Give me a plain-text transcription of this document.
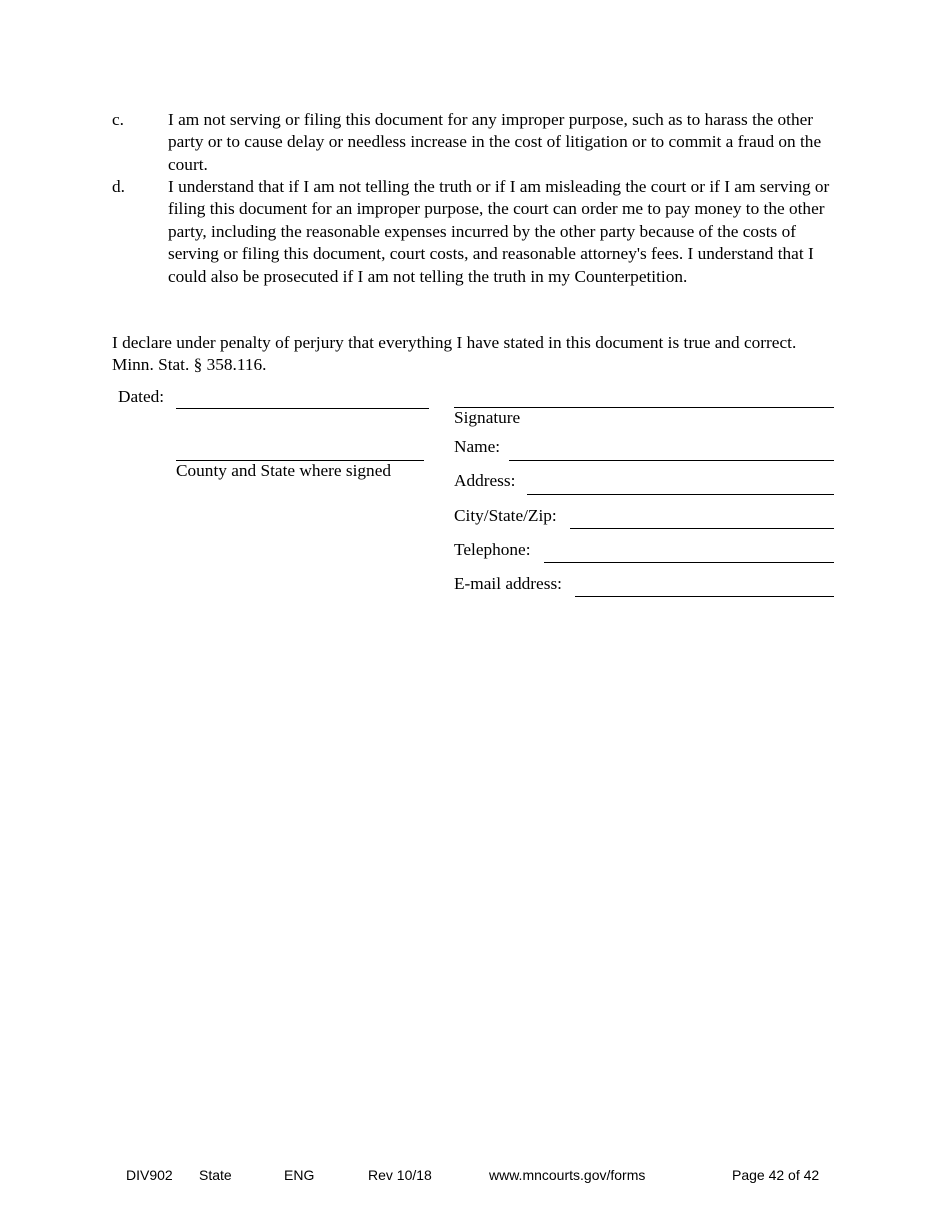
c.	I am not serving or filing this document for any improper purpose, such as to harass the other party or to cause delay or needless increase in the cost of litigation or to commit a fraud on the court.
d. I understand that if I am not telling the truth or if I am misleading the court or if I am serving or filing this document for an improper purpose, the court can order me to pay money to the other party, including the reasonable expenses incurred by the other party because of the costs of serving or filing this document, court costs, and reasonable attorney's fees. I understand that I could also be prosecuted if I am not telling the truth in my Counterpetition.
I declare under penalty of perjury that everything I have stated in this document is true and correct. Minn. Stat. § 358.116.
Dated:
County and State where signed
Signature
Name:
Address:
City/State/Zip:
Telephone:
E-mail address:
DIV902 State	ENG	Rev 10/18	www.mncourts.gov/forms	Page 42 of 42
